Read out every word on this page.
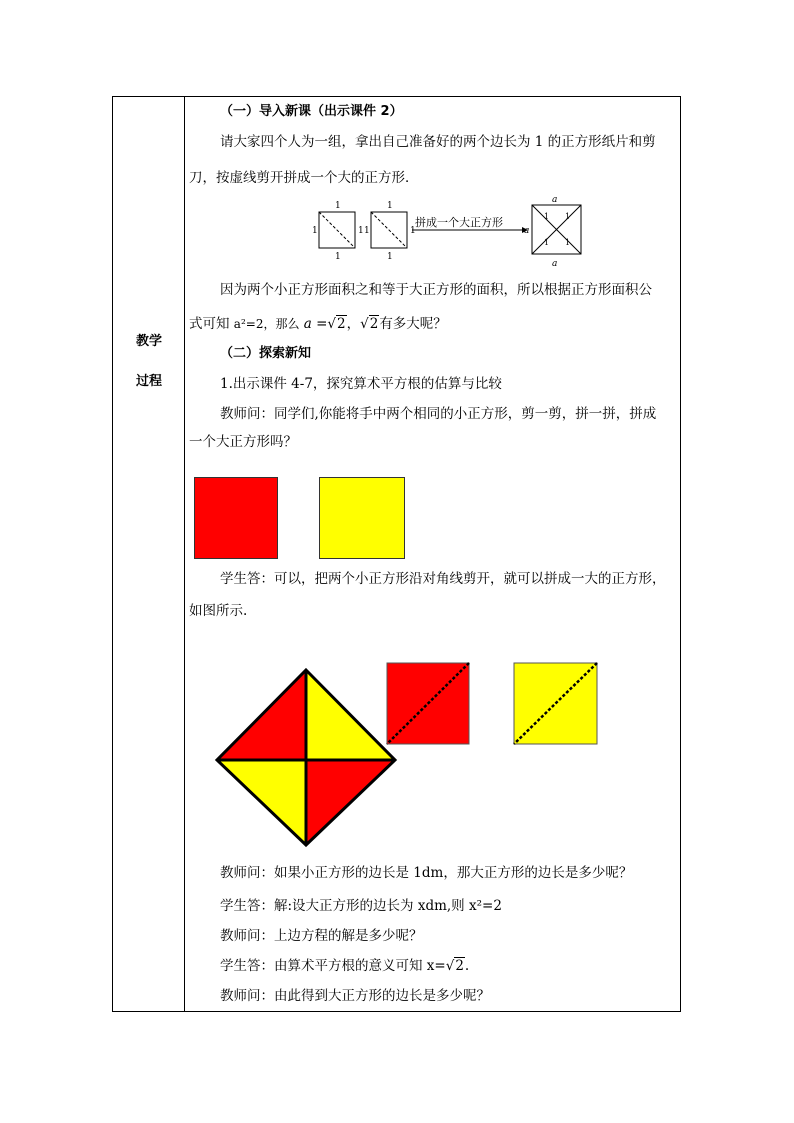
教学
过程
（一）导入新课（出示课件 2）
请大家四个人为一组，拿出自己准备好的两个边长为 1 的正方形纸片和剪
刀，按虚线剪开拼成一个大的正方形．
1
1	1
1
1
1	1
1
拼成一个大正方形	1 1
1 1
a
a
a
因为两个小正方形面积之和等于大正方形的面积，所以根据正方形面积公
式可知 a²=2，那么 a =√2，√2有多大呢？
（二）探索新知
1.出示课件 4-7，探究算术平方根的估算与比较
教师问：同学们,你能将手中两个相同的小正方形，剪一剪，拼一拼，拼成
一个大正方形吗？
学生答：可以，把两个小正方形沿对角线剪开，就可以拼成一大的正方形，
如图所示.
教师问：如果小正方形的边长是 1dm，那大正方形的边长是多少呢？
学生答：解:设大正方形的边长为 xdm,则 x²=2
教师问：上边方程的解是多少呢？
学生答：由算术平方根的意义可知 x=√2.
教师问：由此得到大正方形的边长是多少呢？
